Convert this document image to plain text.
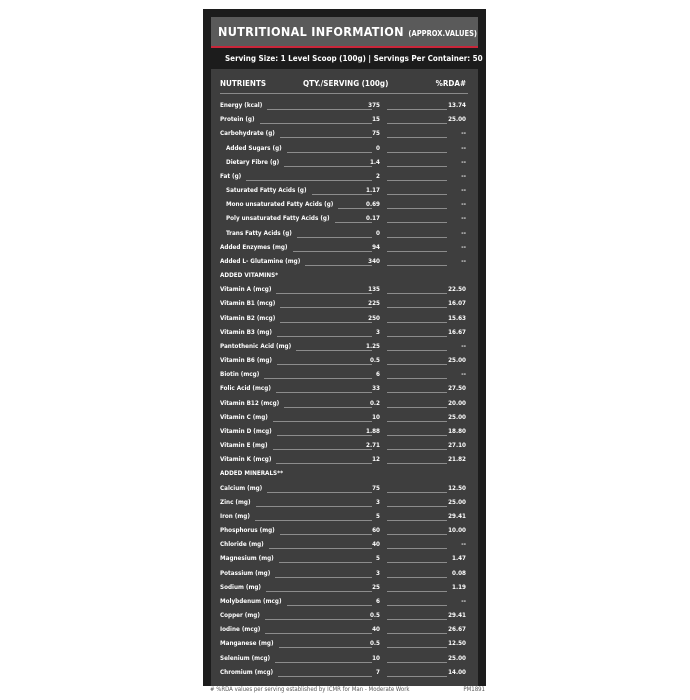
NUTRITIONAL INFORMATION (APPROX.VALUES)
Serving Size: 1 Level Scoop (100g) | Servings Per Container: 50
NUTRIENTS	QTY./SERVING (100g)	%RDA#
Energy (kcal)	375	13.74
Protein (g)	15	25.00
Carbohydrate (g)	75	--
Added Sugars (g)	0	--
Dietary Fibre (g)	1.4	--
Fat (g)	2	--
Saturated Fatty Acids (g)	1.17	--
Mono unsaturated Fatty Acids (g)	0.69	--
Poly unsaturated Fatty Acids (g)	0.17	--
Trans Fatty Acids (g)	0	--
Added Enzymes (mg)	94	--
Added L- Glutamine (mg)	340	--
ADDED VITAMINS*
Vitamin A (mcg)	135	22.50
Vitamin B1 (mcg)	225	16.07
Vitamin B2 (mcg)	250	15.63
Vitamin B3 (mg)	3	16.67
Pantothenic Acid (mg)	1.25	--
Vitamin B6 (mg)	0.5	25.00
Biotin (mcg)	6	--
Folic Acid (mcg)	33	27.50
Vitamin B12 (mcg)	0.2	20.00
Vitamin C (mg)	10	25.00
Vitamin D (mcg)	1.88	18.80
Vitamin E (mg)	2.71	27.10
Vitamin K (mcg)	12	21.82
ADDED MINERALS**
Calcium (mg)	75	12.50
Zinc (mg)	3	25.00
Iron (mg)	5	29.41
Phosphorus (mg)	60	10.00
Chloride (mg)	40	--
Magnesium (mg)	5	1.47
Potassium (mg)	3	0.08
Sodium (mg)	25	1.19
Molybdenum (mcg)	6	--
Copper (mg)	0.5	29.41
Iodine (mcg)	40	26.67
Manganese (mg)	0.5	12.50
Selenium (mcg)	10	25.00
Chromium (mcg)	7	14.00
# %RDA values per serving established by ICMR for Man - Moderate Work	PM1891
